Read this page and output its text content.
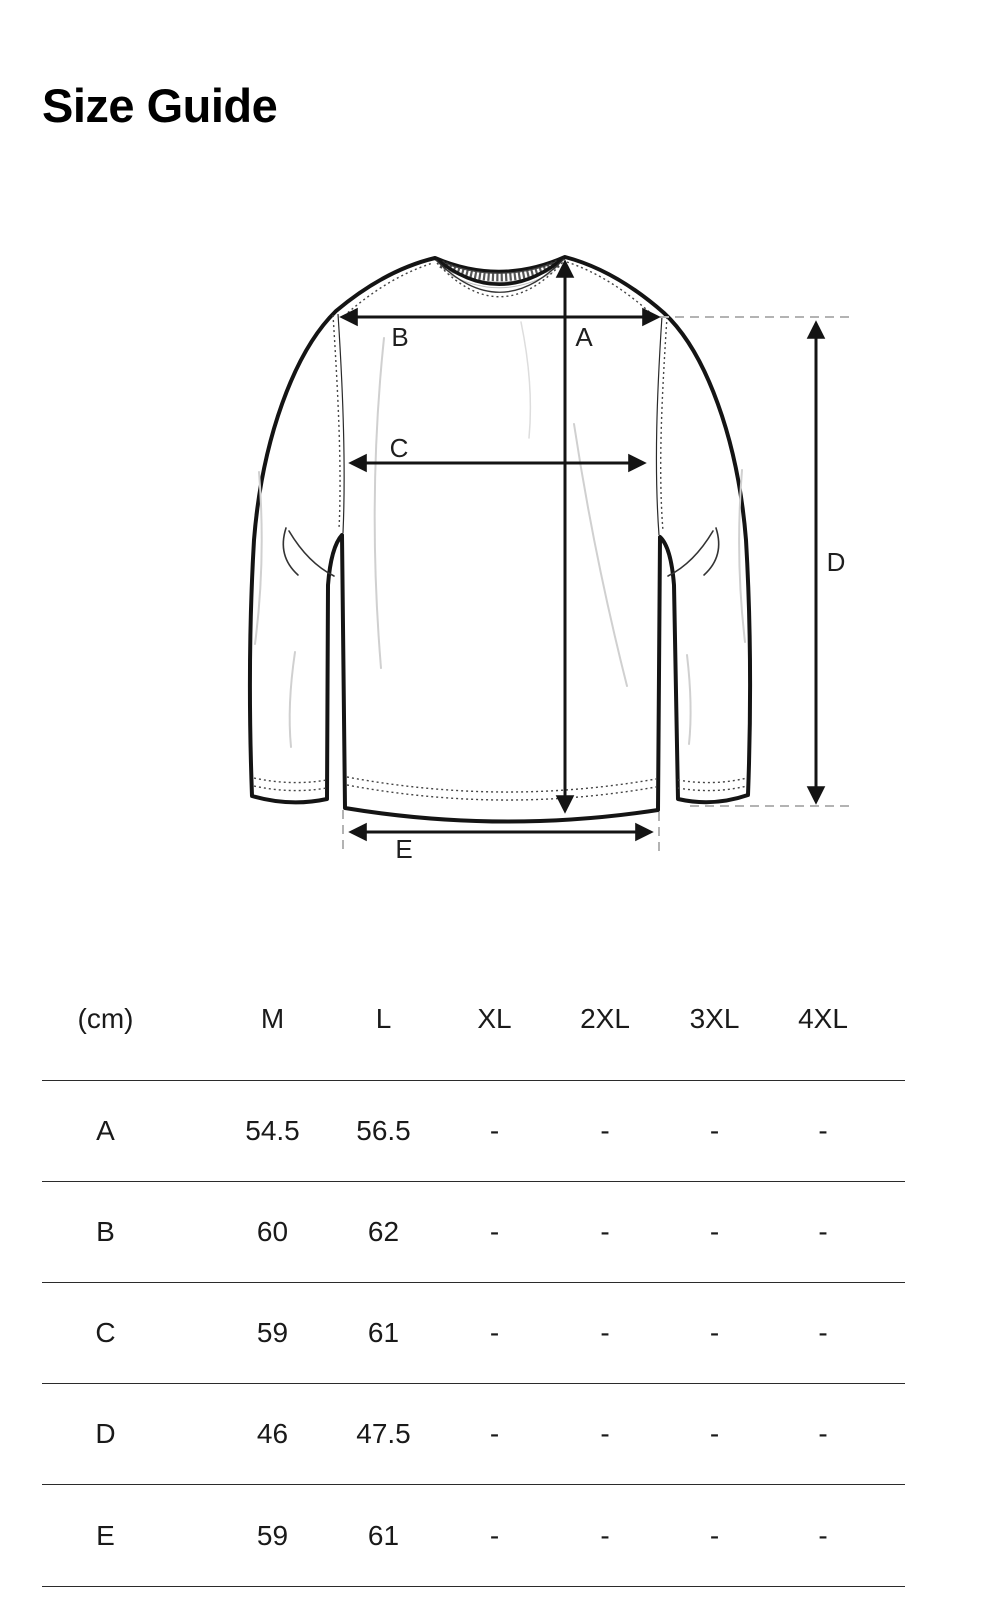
Size Guide
B	A
C
D
E
(cm)	M	L	XL	2XL	3XL	4XL
A	54.5	56.5	-	-	-	-
B	60	62	-	-	-	-
C	59	61	-	-	-	-
D	46	47.5	-	-	-	-
E	59	61	-	-	-	-
